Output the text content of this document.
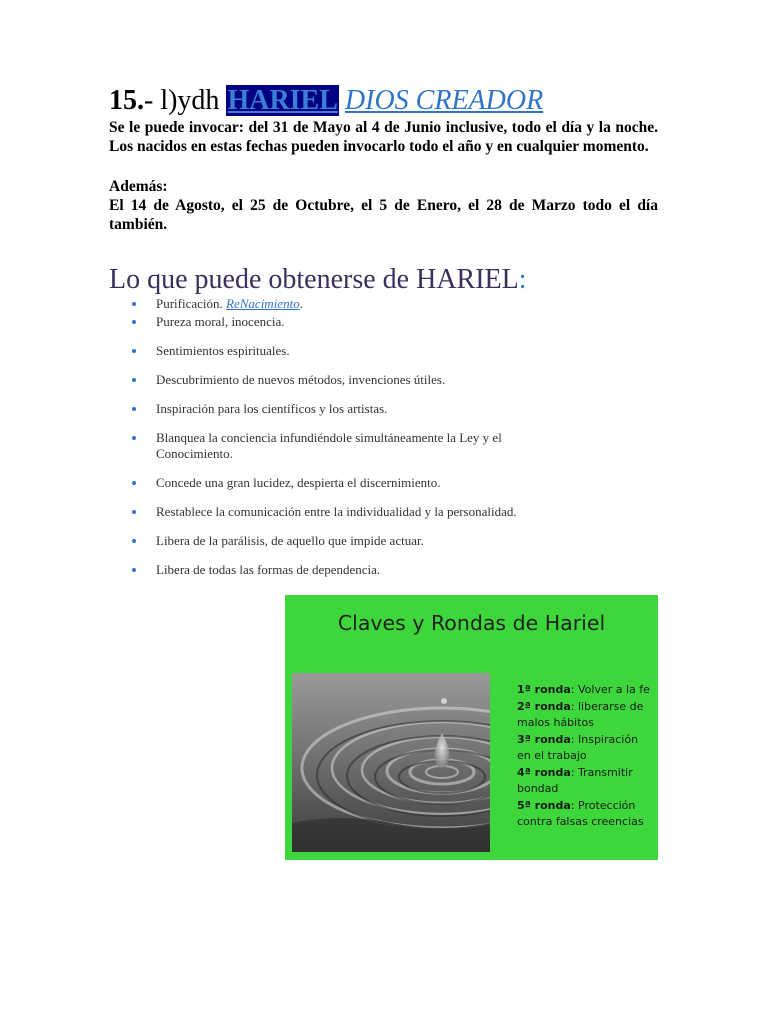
15.- l)ydh HARIEL DIOS CREADOR

Se le puede invocar: del 31 de Mayo al 4 de Junio inclusive, todo el día y la noche. Los nacidos en estas fechas pueden invocarlo todo el año y en cualquier momento.

Además:

El 14 de Agosto, el 25 de Octubre, el 5 de Enero, el 28 de Marzo todo el día también.

Lo que puede obtenerse de HARIEL:
Purificación. ReNacimiento.
Pureza moral, inocencia.
Sentimientos espirituales.
Descubrimiento de nuevos métodos, invenciones útiles.
Inspiración para los científicos y los artistas.
Blanquea la conciencia infundiéndole simultáneamente la Ley y el Conocimiento.
Concede una gran lucidez, despierta el discernimiento.
Restablece la comunicación entre la individualidad y la personalidad.
Libera de la parálisis, de aquello que impide actuar.
Libera de todas las formas de dependencia.
Claves y Rondas de Hariel
1ª ronda: Volver a la fe
2ª ronda: liberarse de malos hábitos
3ª ronda: Inspiración en el trabajo
4ª ronda: Transmitir bondad
5ª ronda: Protección contra falsas creencias
